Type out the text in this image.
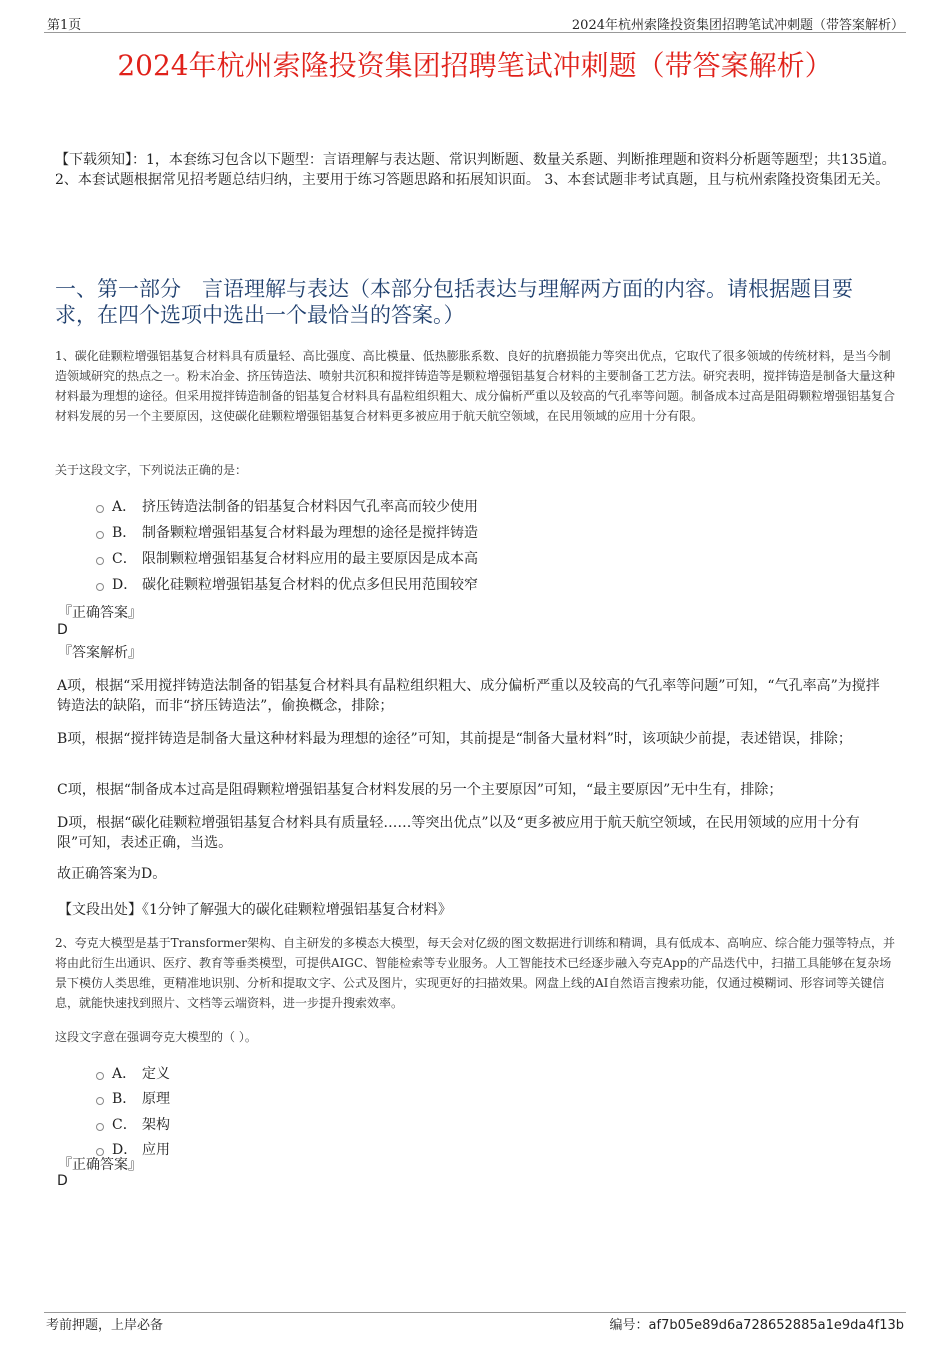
第1页	2024年杭州索隆投资集团招聘笔试冲刺题（带答案解析）
2024年杭州索隆投资集团招聘笔试冲刺题（带答案解析）
【下载须知】：1，本套练习包含以下题型：言语理解与表达题、常识判断题、数量关系题、判断推理题和资料分析题等题型；共135道。 2、本套试题根据常见招考题总结归纳，主要用于练习答题思路和拓展知识面。 3、本套试题非考试真题，且与杭州索隆投资集团无关。
一、第一部分　言语理解与表达（本部分包括表达与理解两方面的内容。请根据题目要求，在四个选项中选出一个最恰当的答案。）
1、碳化硅颗粒增强铝基复合材料具有质量轻、高比强度、高比模量、低热膨胀系数、良好的抗磨损能力等突出优点，它取代了很多领域的传统材料，是当今制造领域研究的热点之一。粉末冶金、挤压铸造法、喷射共沉积和搅拌铸造等是颗粒增强铝基复合材料的主要制备工艺方法。研究表明，搅拌铸造是制备大量这种材料最为理想的途径。但采用搅拌铸造制备的铝基复合材料具有晶粒组织粗大、成分偏析严重以及较高的气孔率等问题。制备成本过高是阻碍颗粒增强铝基复合材料发展的另一个主要原因，这使碳化硅颗粒增强铝基复合材料更多被应用于航天航空领域，在民用领域的应用十分有限。
关于这段文字，下列说法正确的是：
A． 挤压铸造法制备的铝基复合材料因气孔率高而较少使用
B． 制备颗粒增强铝基复合材料最为理想的途径是搅拌铸造
C． 限制颗粒增强铝基复合材料应用的最主要原因是成本高
D． 碳化硅颗粒增强铝基复合材料的优点多但民用范围较窄
『正确答案』
D
『答案解析』
A项，根据“采用搅拌铸造法制备的铝基复合材料具有晶粒组织粗大、成分偏析严重以及较高的气孔率等问题”可知，“气孔率高”为搅拌铸造法的缺陷，而非“挤压铸造法”，偷换概念，排除；
B项，根据“搅拌铸造是制备大量这种材料最为理想的途径”可知，其前提是“制备大量材料”时，该项缺少前提，表述错误，排除；
C项，根据“制备成本过高是阻碍颗粒增强铝基复合材料发展的另一个主要原因”可知，“最主要原因”无中生有，排除；
D项，根据“碳化硅颗粒增强铝基复合材料具有质量轻……等突出优点”以及“更多被应用于航天航空领域，在民用领域的应用十分有限”可知，表述正确，当选。
故正确答案为D。
【文段出处】《1分钟了解强大的碳化硅颗粒增强铝基复合材料》
2、夸克大模型是基于Transformer架构、自主研发的多模态大模型，每天会对亿级的图文数据进行训练和精调，具有低成本、高响应、综合能力强等特点，并将由此衍生出通识、医疗、教育等垂类模型，可提供AIGC、智能检索等专业服务。人工智能技术已经逐步融入夸克App的产品迭代中，扫描工具能够在复杂场景下模仿人类思维，更精准地识别、分析和提取文字、公式及图片，实现更好的扫描效果。网盘上线的AI自然语言搜索功能，仅通过模糊词、形容词等关键信息，就能快速找到照片、文档等云端资料，进一步提升搜索效率。
这段文字意在强调夸克大模型的（ ）。
A． 定义
B． 原理
C． 架构
D． 应用
『正确答案』
D
考前押题，上岸必备	编号：af7b05e89d6a728652885a1e9da4f13b
